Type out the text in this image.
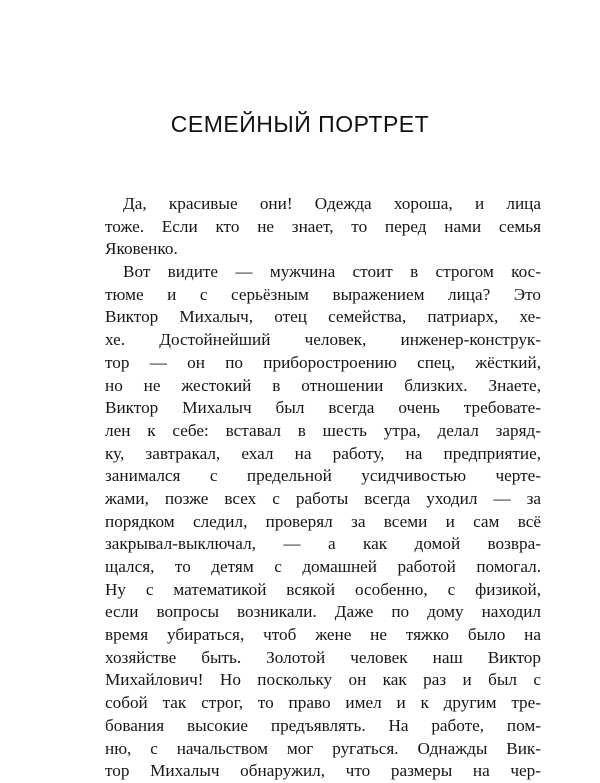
СЕМЕЙНЫЙ ПОРТРЕТ
Да, красивые они! Одежда хороша, и лица
тоже. Если кто не знает, то перед нами семья
Яковенко.
Вот видите — мужчина стоит в строгом кос-
тюме и с серьёзным выражением лица? Это
Виктор Михалыч, отец семейства, патриарх, хе-
хе. Достойнейший человек, инженер-конструк-
тор — он по приборостроению спец, жёсткий,
но не жестокий в отношении близких. Знаете,
Виктор Михалыч был всегда очень требовате-
лен к себе: вставал в шесть утра, делал заряд-
ку, завтракал, ехал на работу, на предприятие,
занимался с предельной усидчивостью черте-
жами, позже всех с работы всегда уходил — за
порядком следил, проверял за всеми и сам всё
закрывал-выключал, — а как домой возвра-
щался, то детям с домашней работой помогал.
Ну с математикой всякой особенно, с физикой,
если вопросы возникали. Даже по дому находил
время убираться, чтоб жене не тяжко было на
хозяйстве быть. Золотой человек наш Виктор
Михайлович! Но поскольку он как раз и был с
собой так строг, то право имел и к другим тре-
бования высокие предъявлять. На работе, пом-
ню, с начальством мог ругаться. Однажды Вик-
тор Михалыч обнаружил, что размеры на чер-
